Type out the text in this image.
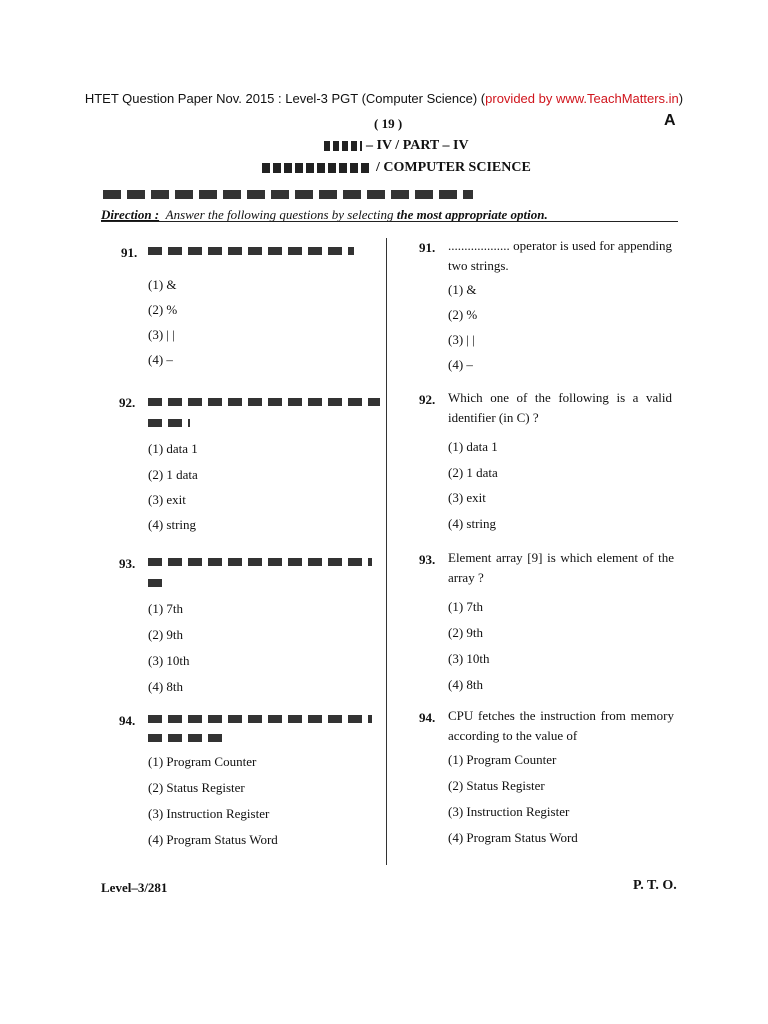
HTET Question Paper Nov. 2015 : Level-3 PGT (Computer Science) (provided by www.TeachMatters.in)
( 19 )	A
– IV / PART – IV
/ COMPUTER SCIENCE
Direction : Answer the following questions by selecting the most appropriate option.
91.
(1) &
(2) %
(3) | |
(4) –
92.
(1) data 1
(2) 1 data
(3) exit
(4) string
93.
(1) 7th
(2) 9th
(3) 10th
(4) 8th
94.
(1) Program Counter
(2) Status Register
(3) Instruction Register
(4) Program Status Word
91. ................... operator is used for appending two strings.
(1) &
(2) %
(3) | |
(4) –
92. Which one of the following is a valid identifier (in C) ?
(1) data 1
(2) 1 data
(3) exit
(4) string
93. Element array [9] is which element of the array ?
(1) 7th
(2) 9th
(3) 10th
(4) 8th
94. CPU fetches the instruction from memory according to the value of
(1) Program Counter
(2) Status Register
(3) Instruction Register
(4) Program Status Word
Level–3/281	P. T. O.
